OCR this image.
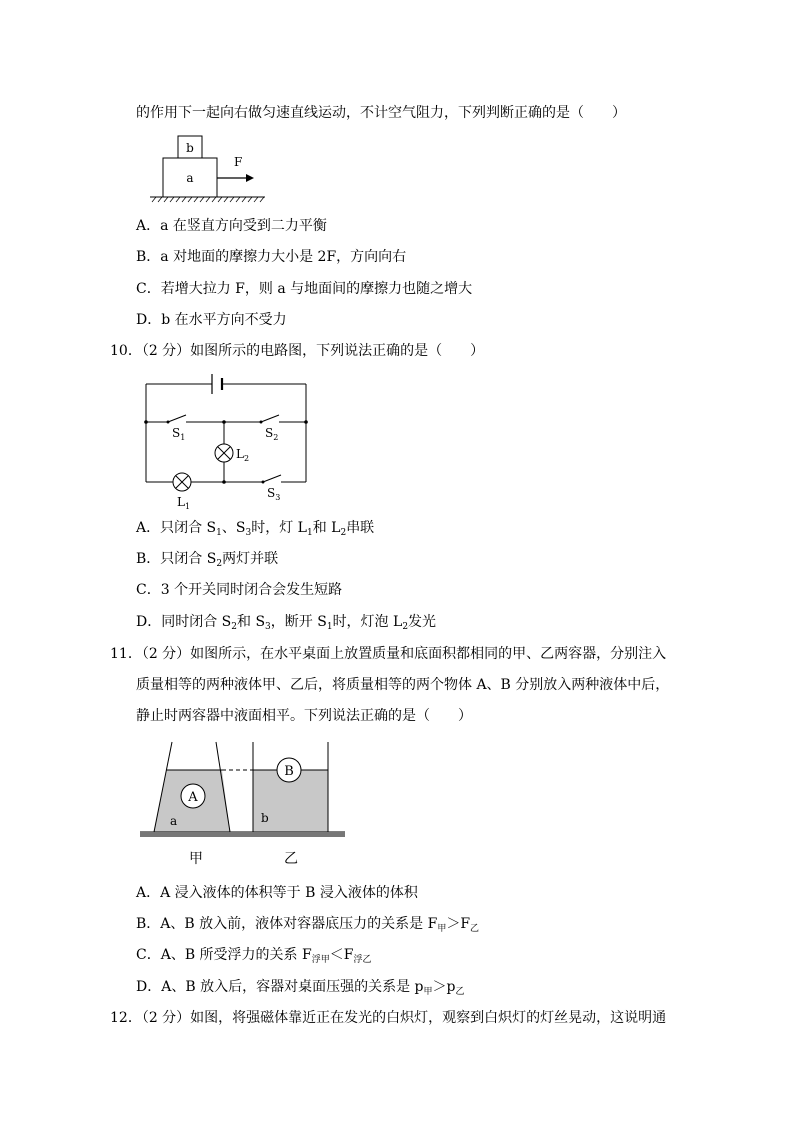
的作用下一起向右做匀速直线运动，不计空气阻力，下列判断正确的是（　　）
b
a
F
A．a 在竖直方向受到二力平衡
B．a 对地面的摩擦力大小是 2F，方向向右
C．若增大拉力 F，则 a 与地面间的摩擦力也随之增大
D．b 在水平方向不受力
10．（2 分）如图所示的电路图，下列说法正确的是（　　）
$S_1$	$S_2$
$S_3$
$L_2$
$L_1$
A．只闭合 $S_1$、$S_3$时，灯 $L_1$和 $L_2$串联
B．只闭合 $S_2$两灯并联
C．3 个开关同时闭合会发生短路
D．同时闭合 $S_2$和 $S_3$，断开 $S_1$时，灯泡 $L_2$发光
11．（2 分）如图所示，在水平桌面上放置质量和底面积都相同的甲、乙两容器，分别注入
质量相等的两种液体甲、乙后，将质量相等的两个物体 A、B 分别放入两种液体中后，
静止时两容器中液面相平。下列说法正确的是（　　）
A
a
B
b
甲	乙
A．A 浸入液体的体积等于 B 浸入液体的体积
B．A、B 放入前，液体对容器底压力的关系是 $F_甲>F_乙$
C．A、B 所受浮力的关系 $F_{浮甲}<F_{浮乙}$
D．A、B 放入后，容器对桌面压强的关系是 $p_甲>p_乙$
12．（2 分）如图，将强磁体靠近正在发光的白炽灯，观察到白炽灯的灯丝晃动，这说明通
